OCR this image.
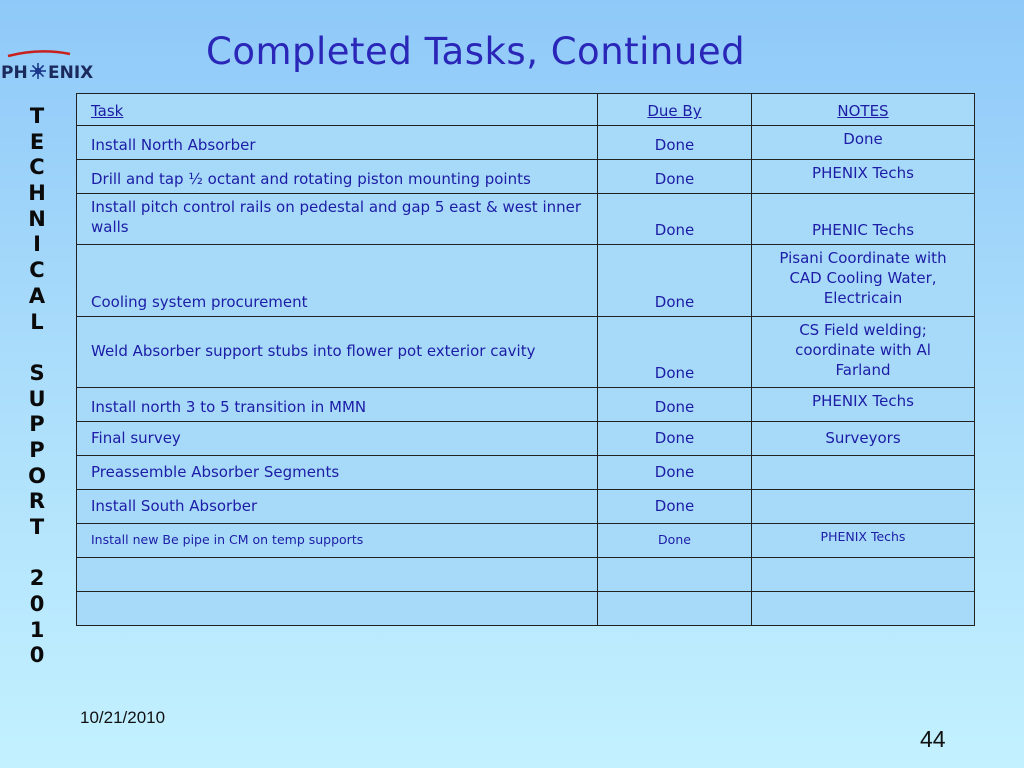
PH ENIX	Completed Tasks, Continued
T
E
C
H
N
I
C
A
L

S
U
P
P
O
R
T

2
0
1
0
Task	Due By	NOTES
Install North Absorber	Done	Done
Drill and tap ½ octant and rotating piston mounting points	Done	PHENIX Techs
Install pitch control rails on pedestal and gap 5 east & west inner walls	Done	PHENIC Techs
Cooling system procurement	Done	Pisani Coordinate with CAD Cooling Water, Electricain
Weld Absorber support stubs into flower pot exterior cavity	Done	CS Field welding; coordinate with Al Farland
Install north 3 to 5 transition in MMN	Done	PHENIX Techs
Final survey	Done	Surveyors
Preassemble Absorber Segments	Done	
Install South Absorber	Done	
Install new Be pipe in CM on temp supports	Done	PHENIX Techs

10/21/2010
44
